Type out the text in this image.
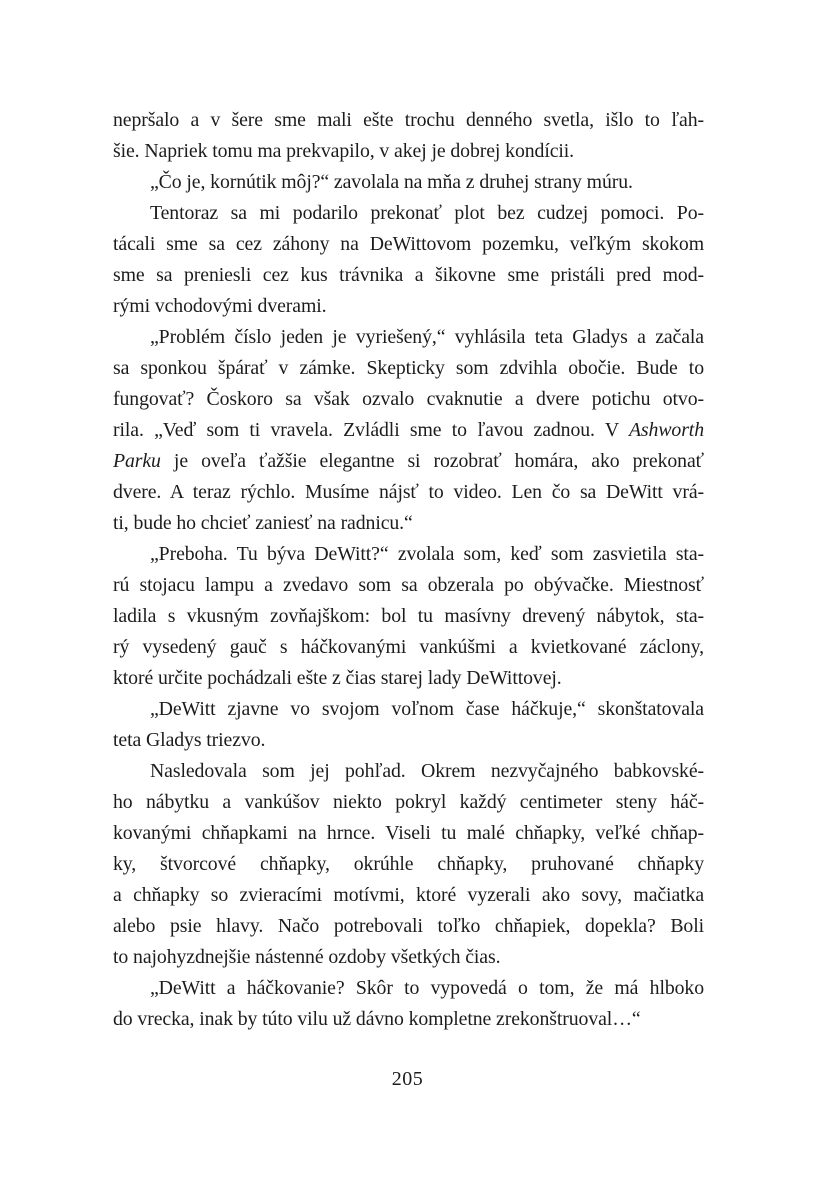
nepršalo a v šere sme mali ešte trochu denného svetla, išlo to ľah-
šie. Napriek tomu ma prekvapilo, v akej je dobrej kondícii.
„Čo je, kornútik môj?“ zavolala na mňa z druhej strany múru.
Tentoraz sa mi podarilo prekonať plot bez cudzej pomoci. Po-
tácali sme sa cez záhony na DeWittovom pozemku, veľkým skokom
sme sa preniesli cez kus trávnika a šikovne sme pristáli pred mod-
rými vchodovými dverami.
„Problém číslo jeden je vyriešený,“ vyhlásila teta Gladys a začala
sa sponkou špárať v zámke. Skepticky som zdvihla obočie. Bude to
fungovať? Čoskoro sa však ozvalo cvaknutie a dvere potichu otvo-
rila. „Veď som ti vravela. Zvládli sme to ľavou zadnou. V Ashworth
Parku je oveľa ťažšie elegantne si rozobrať homára, ako prekonať
dvere. A teraz rýchlo. Musíme nájsť to video. Len čo sa DeWitt vrá-
ti, bude ho chcieť zaniesť na radnicu.“
„Preboha. Tu býva DeWitt?“ zvolala som, keď som zasvietila sta-
rú stojacu lampu a zvedavo som sa obzerala po obývačke. Miestnosť
ladila s vkusným zovňajškom: bol tu masívny drevený nábytok, sta-
rý vysedený gauč s háčkovanými vankúšmi a kvietkované záclony,
ktoré určite pochádzali ešte z čias starej lady DeWittovej.
„DeWitt zjavne vo svojom voľnom čase háčkuje,“ skonštatovala
teta Gladys triezvo.
Nasledovala som jej pohľad. Okrem nezvyčajného babkovské-
ho nábytku a vankúšov niekto pokryl každý centimeter steny háč-
kovanými chňapkami na hrnce. Viseli tu malé chňapky, veľké chňap-
ky, štvorcové chňapky, okrúhle chňapky, pruhované chňapky
a chňapky so zvieracími motívmi, ktoré vyzerali ako sovy, mačiatka
alebo psie hlavy. Načo potrebovali toľko chňapiek, dopekla? Boli
to najohyzdnejšie nástenné ozdoby všetkých čias.
„DeWitt a háčkovanie? Skôr to vypovedá o tom, že má hlboko
do vrecka, inak by túto vilu už dávno kompletne zrekonštruoval…“
205
